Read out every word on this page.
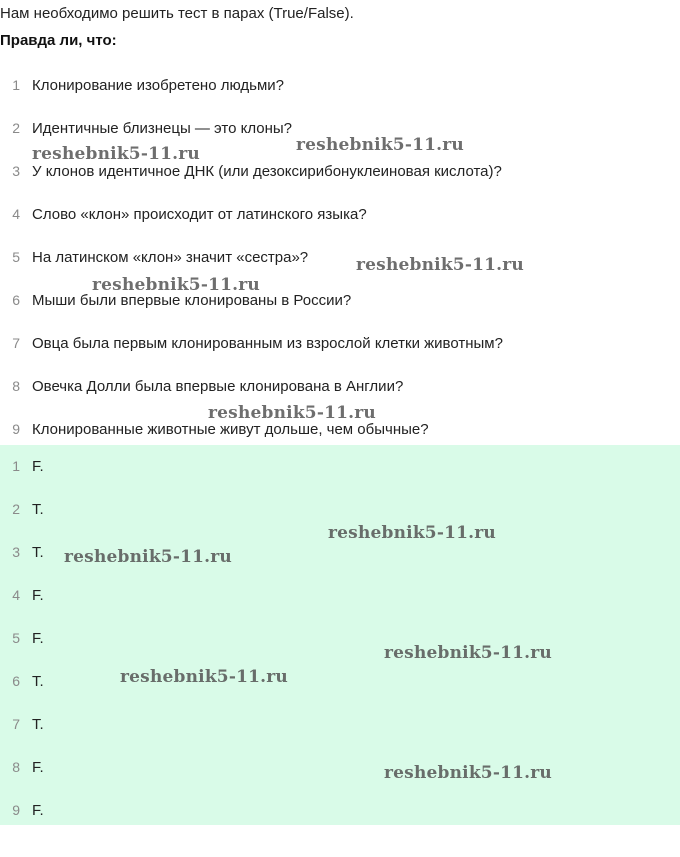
Нам необходимо решить тест в парах (True/False).
Правда ли, что:
1 Клонирование изобретено людьми?
2 Идентичные близнецы — это клоны?
3 У клонов идентичное ДНК (или дезоксирибонуклеиновая кислота)?
4 Слово «клон» происходит от латинского языка?
5 На латинском «клон» значит «сестра»?
6 Мыши были впервые клонированы в России?
7 Овца была первым клонированным из взрослой клетки животным?
8 Овечка Долли была впервые клонирована в Англии?
9 Клонированные животные живут дольше, чем обычные?
1 F.
2 T.
3 T.
4 F.
5 F.
6 T.
7 T.
8 F.
9 F.
reshebnik5-11.ru	reshebnik5-11.ru
reshebnik5-11.ru
reshebnik5-11.ru
reshebnik5-11.ru
reshebnik5-11.ru
reshebnik5-11.ru
reshebnik5-11.ru
reshebnik5-11.ru
reshebnik5-11.ru
